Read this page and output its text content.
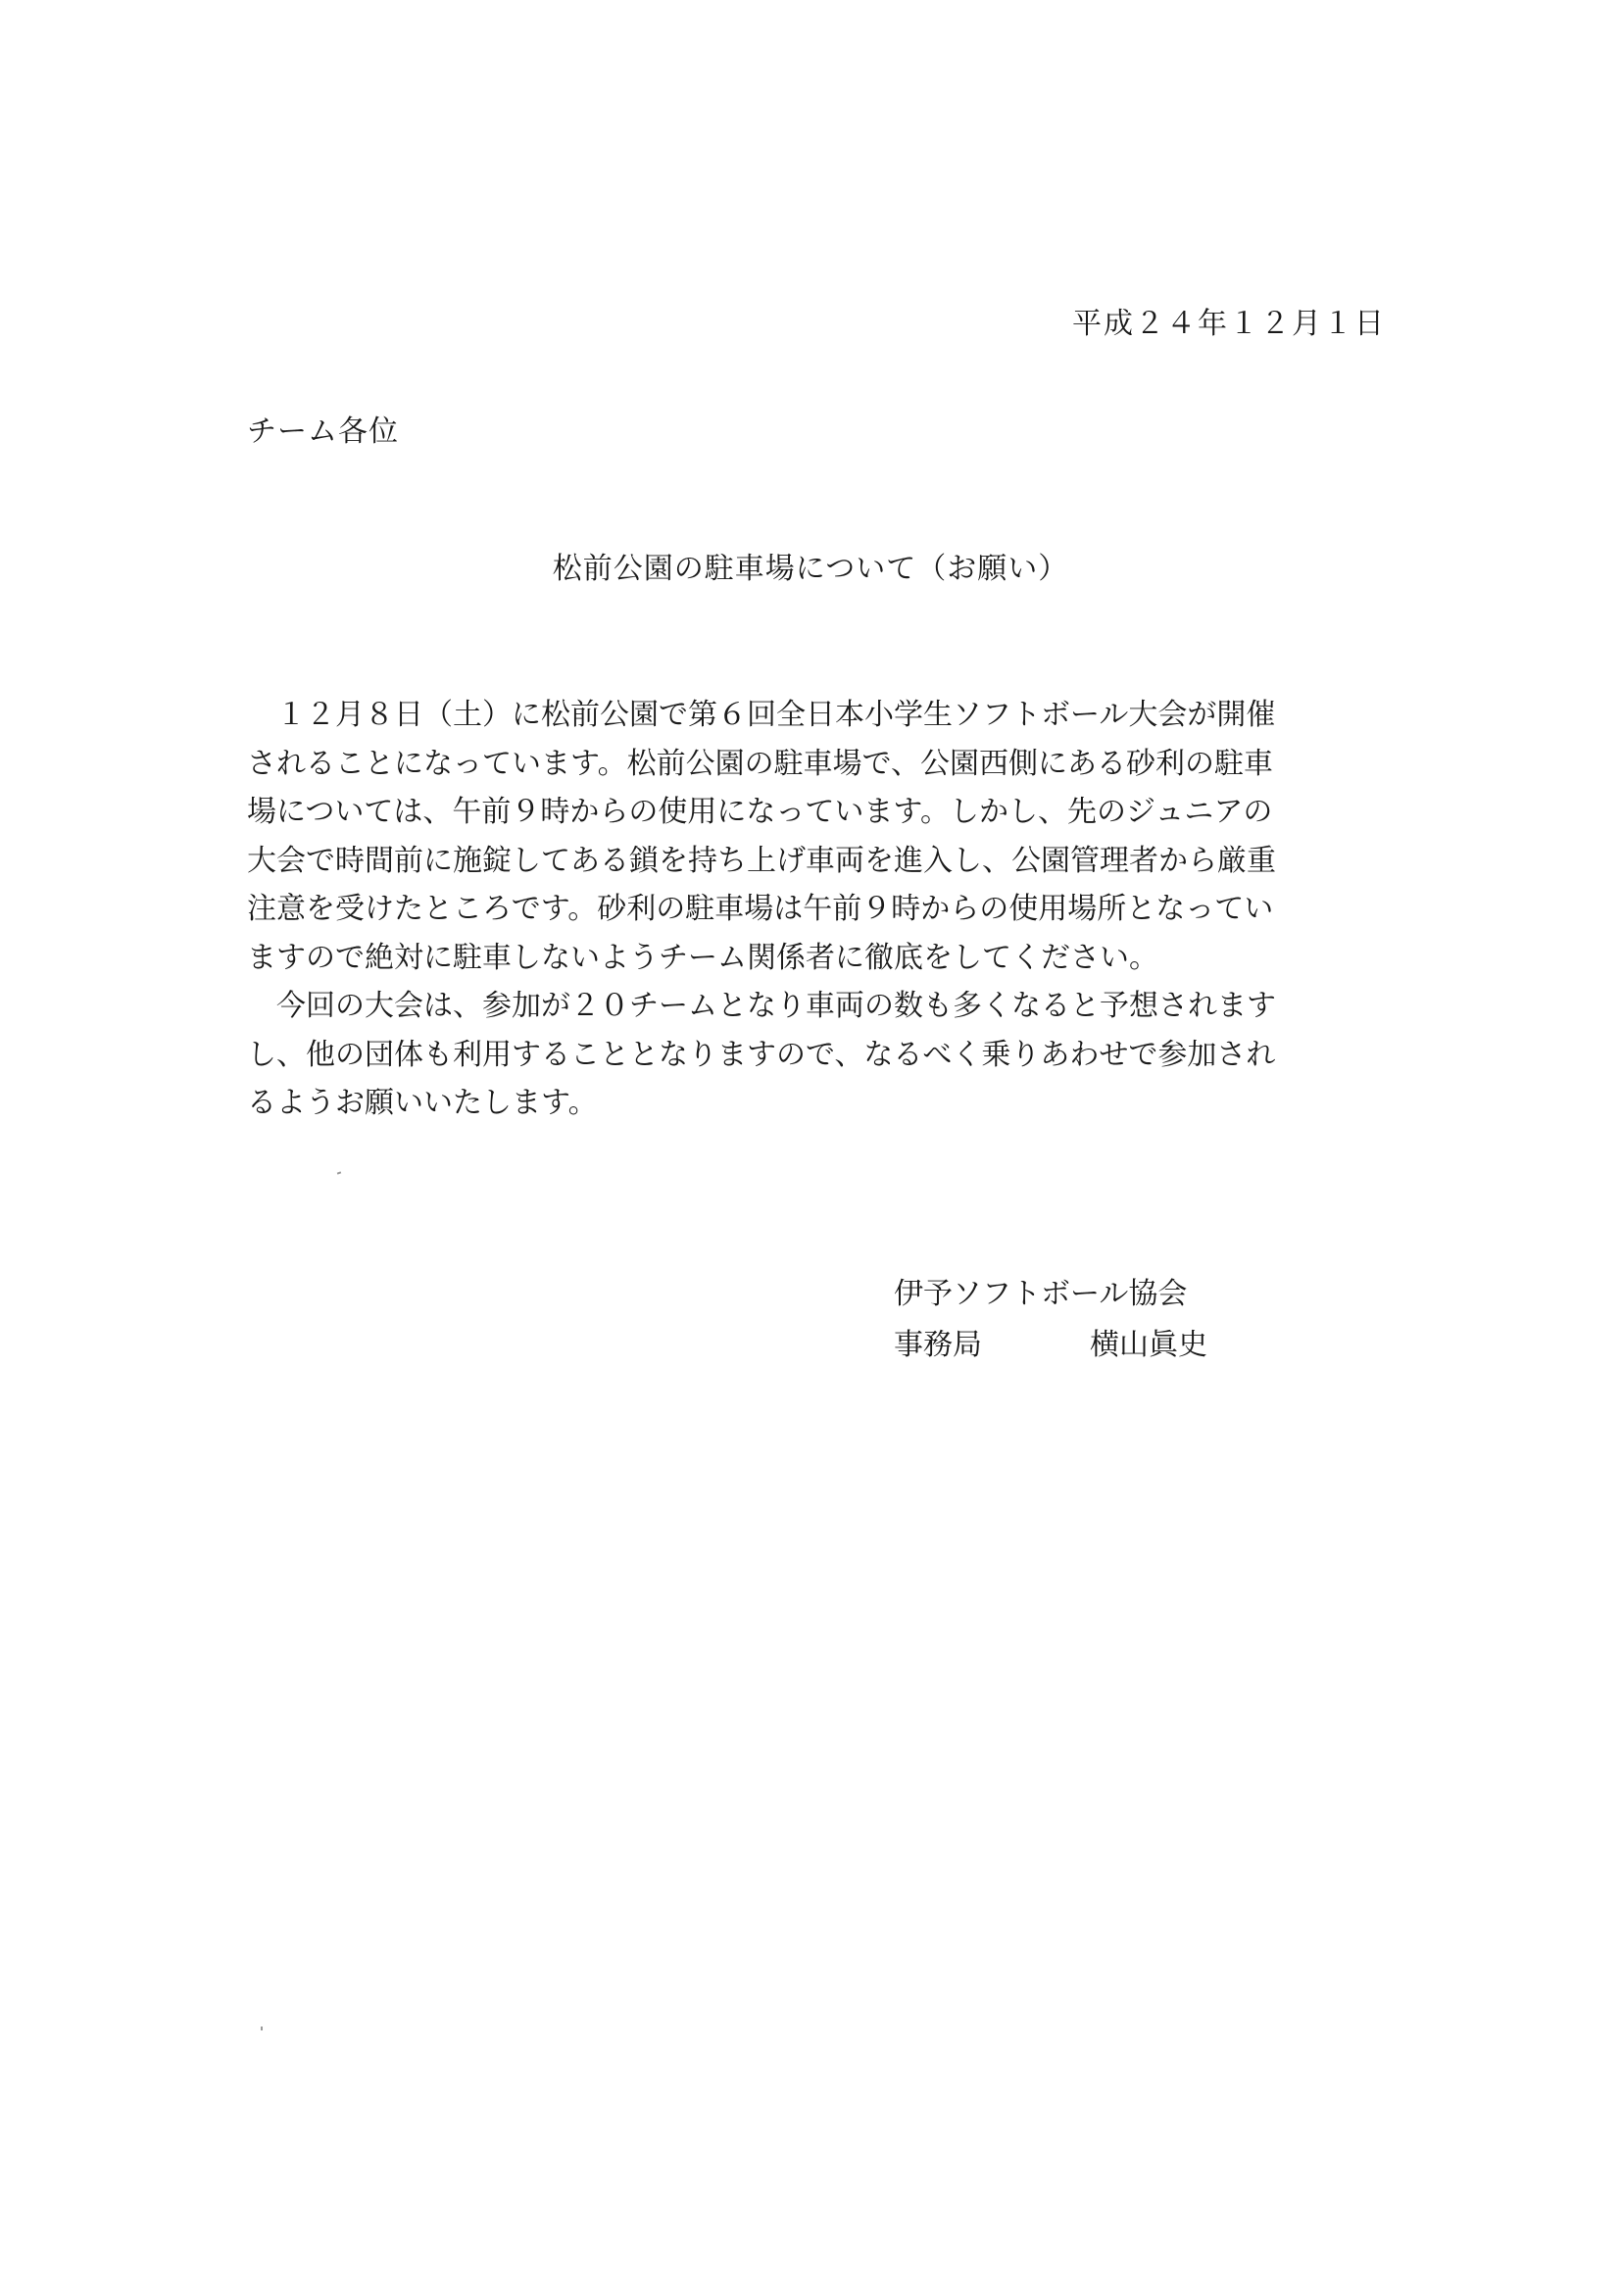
平成２４年１２月１日
チーム各位
松前公園の駐車場について（お願い）
　１２月８日（土）に松前公園で第６回全日本小学生ソフトボール大会が開催
されることになっています。松前公園の駐車場で、公園西側にある砂利の駐車
場については、午前９時からの使用になっています。しかし、先のジュニアの
大会で時間前に施錠してある鎖を持ち上げ車両を進入し、公園管理者から厳重
注意を受けたところです。砂利の駐車場は午前９時からの使用場所となってい
ますので絶対に駐車しないようチーム関係者に徹底をしてください。
　今回の大会は、参加が２０チームとなり車両の数も多くなると予想されます
し、他の団体も利用することとなりますので、なるべく乗りあわせで参加され
るようお願いいたします。
伊予ソフトボール協会
事務局	横山眞史
